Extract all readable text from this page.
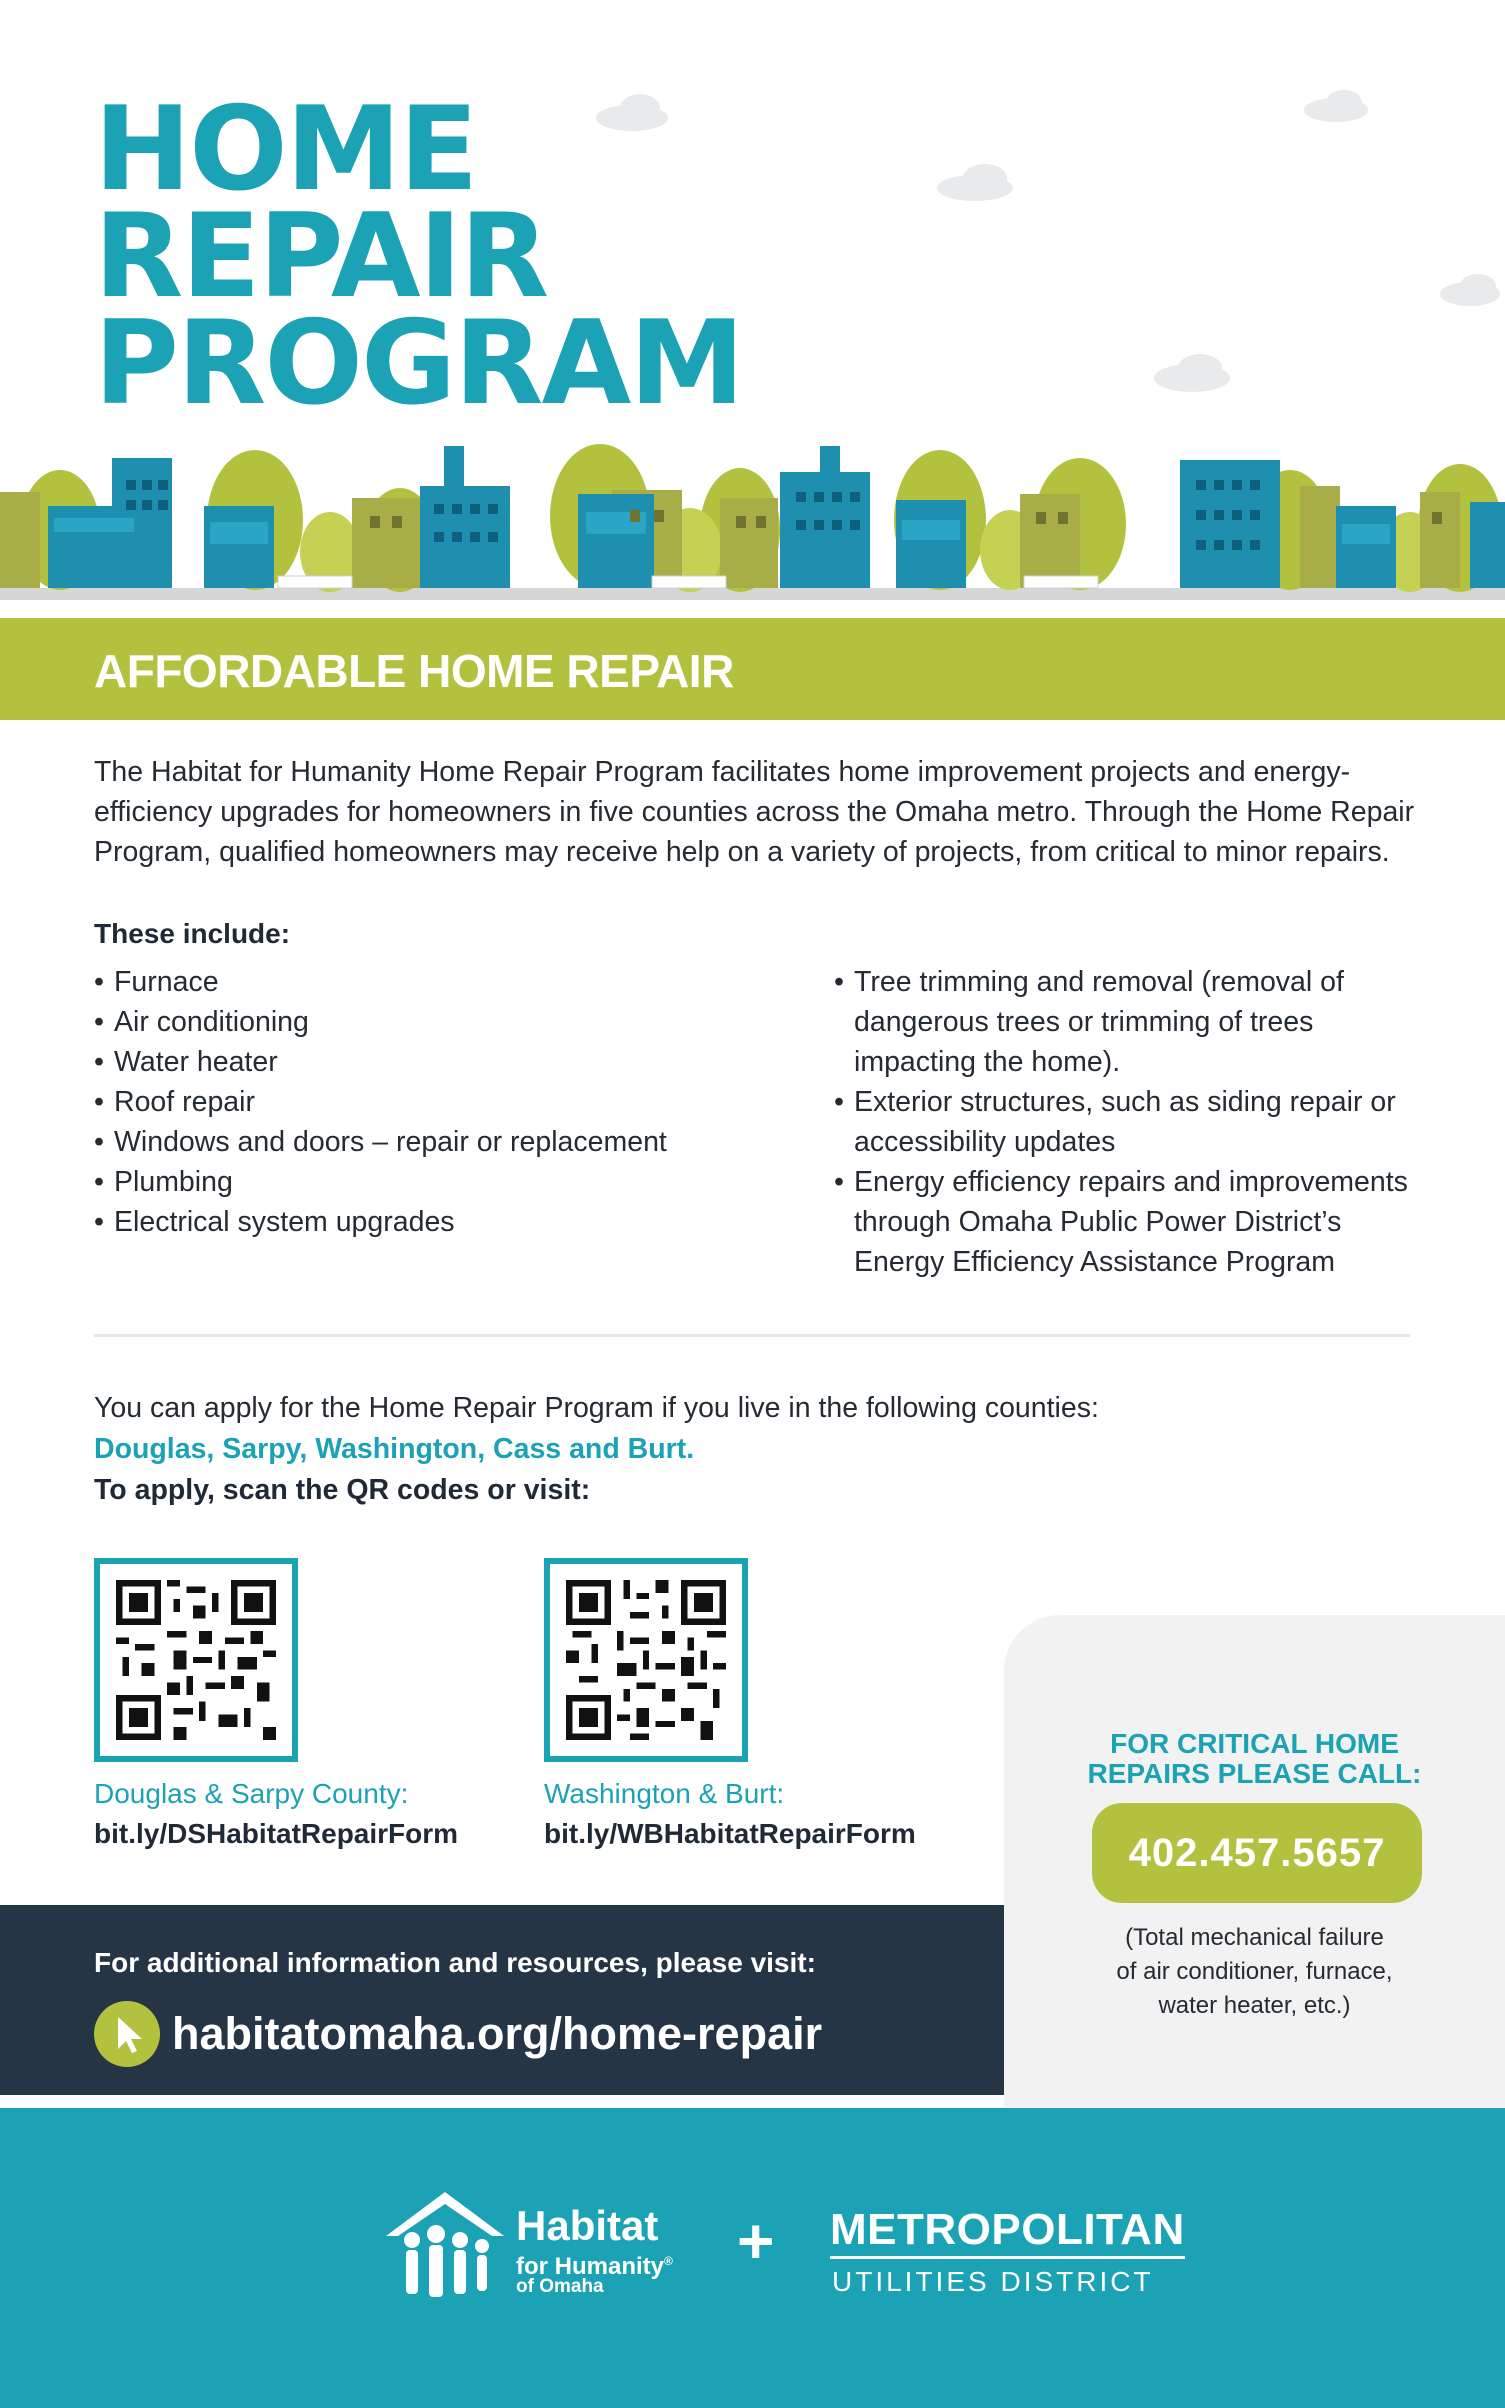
HOME
REPAIR
PROGRAM
AFFORDABLE HOME REPAIR
The Habitat for Humanity Home Repair Program facilitates home improvement projects and energy-
efficiency upgrades for homeowners in five counties across the Omaha metro. Through the Home Repair
Program, qualified homeowners may receive help on a variety of projects, from critical to minor repairs.
These include:
• Furnace
• Air conditioning
• Water heater
• Roof repair
• Windows and doors – repair or replacement
• Plumbing
• Electrical system upgrades
• Tree trimming and removal (removal of dangerous trees or trimming of trees impacting the home).
• Exterior structures, such as siding repair or accessibility updates
• Energy efficiency repairs and improvements through Omaha Public Power District’s Energy Efficiency Assistance Program
You can apply for the Home Repair Program if you live in the following counties:
Douglas, Sarpy, Washington, Cass and Burt.
To apply, scan the QR codes or visit:
Douglas & Sarpy County:
bit.ly/DSHabitatRepairForm
Washington & Burt:
bit.ly/WBHabitatRepairForm
FOR CRITICAL HOME
REPAIRS PLEASE CALL:
402.457.5657
(Total mechanical failure
of air conditioner, furnace,
water heater, etc.)
For additional information and resources, please visit:
habitatomaha.org/home-repair
Habitat
for Humanity®
of Omaha
+ METROPOLITAN
UTILITIES DISTRICT
